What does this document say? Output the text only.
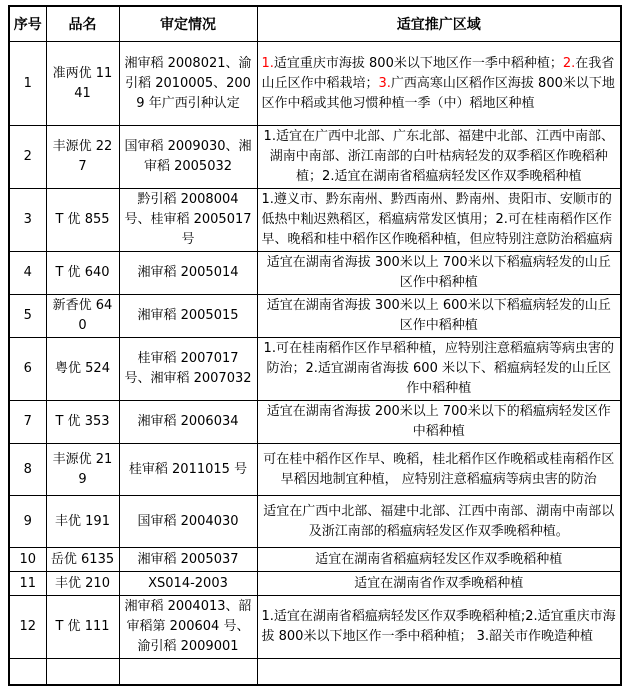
序号	品名	审定情况	适宜推广区域
1	准两优 1141	湘审稻 2008021、渝引稻 2010005、2009 年广西引种认定	1.适宜重庆市海拔 800米以下地区作一季中稻种植；2.在我省山丘区作中稻栽培；3.广西高寒山区稻作区海拔 800米以下地区作中稻或其他习惯种植一季（中）稻地区种植
2	丰源优 227	国审稻 2009030、湘审稻 2005032	1.适宜在广西中北部、广东北部、福建中北部、江西中南部、湖南中南部、浙江南部的白叶枯病轻发的双季稻区作晚稻种植；2.适宜在湖南省稻瘟病轻发区作双季晚稻种植
3	T 优 855	黔引稻 2008004 号、桂审稻 2005017 号	1.遵义市、黔东南州、黔西南州、黔南州、贵阳市、安顺市的低热中籼迟熟稻区，稻瘟病常发区慎用；2.可在桂南稻作区作早、晚稻和桂中稻作区作晚稻种植，但应特别注意防治稻瘟病
4	T 优 640	湘审稻 2005014	适宜在湖南省海拔 300米以上 700米以下稻瘟病轻发的山丘区作中稻种植
5	新香优 640	湘审稻 2005015	适宜在湖南省海拔 300米以上 600米以下稻瘟病轻发的山丘区作中稻种植
6	粤优 524	桂审稻 2007017 号、湘审稻 2007032	1.可在桂南稻作区作早稻种植，应特别注意稻瘟病等病虫害的防治；2.适宜湖南省海拔 600 米以下、稻瘟病轻发的山丘区作中稻种植
7	T 优 353	湘审稻 2006034	适宜在湖南省海拔 200米以上 700米以下的稻瘟病轻发区作中稻种植
8	丰源优 219	桂审稻 2011015 号	可在桂中稻作区作早、晚稻，桂北稻作区作晚稻或桂南稻作区早稻因地制宜种植， 应特别注意稻瘟病等病虫害的防治
9	丰优 191	国审稻 2004030	适宜在广西中北部、福建中北部、江西中南部、湖南中南部以及浙江南部的稻瘟病轻发区作双季晚稻种植。
10	岳优 6135	湘审稻 2005037	适宜在湖南省稻瘟病轻发区作双季晚稻种植
11	丰优 210	XS014-2003	适宜在湖南省作双季晚稻种植
12	T 优 111	湘审稻 2004013、韶审稻第 200604 号、渝引稻 2009001	1.适宜在湖南省稻瘟病轻发区作双季晚稻种植;2.适宜重庆市海拔 800米以下地区作一季中稻种植； 3.韶关市作晚造种植
